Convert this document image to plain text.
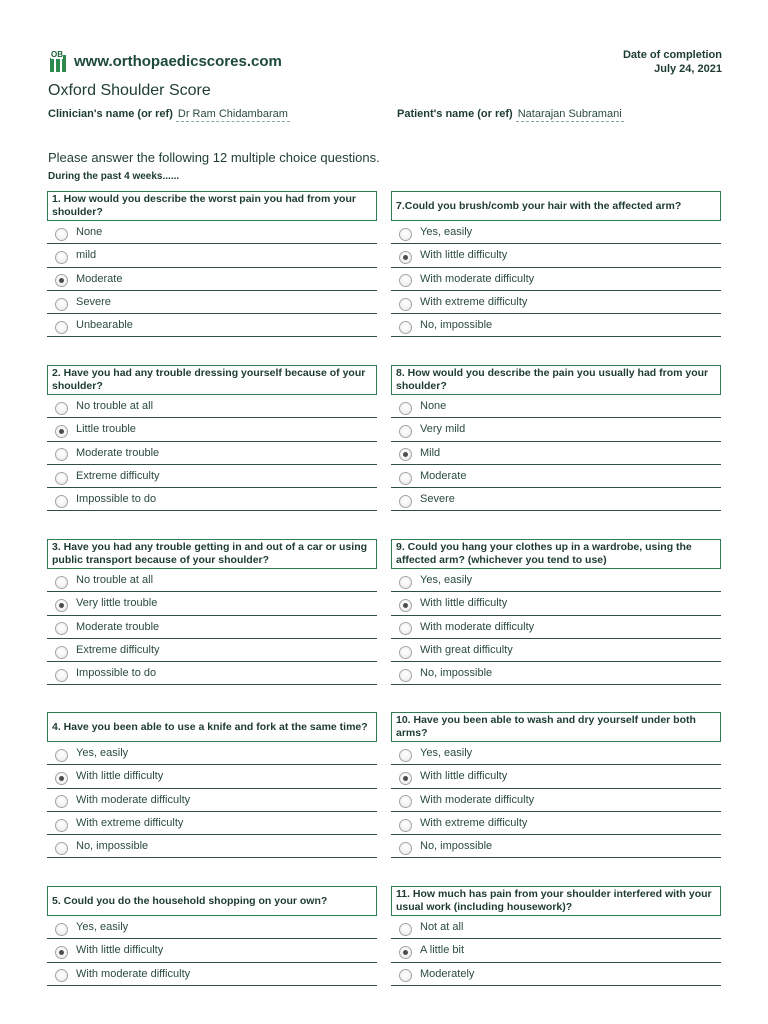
OB www.orthopaedicscores.com	Date of completion
July 24, 2021
Oxford Shoulder Score
Clinician's name (or ref) Dr Ram Chidambaram	Patient's name (or ref) Natarajan Subramani
Please answer the following 12 multiple choice questions.
During the past 4 weeks......
1. How would you describe the worst pain you had from your shoulder?
None
mild
Moderate
Severe
Unbearable
7.Could you brush/comb your hair with the affected arm?
Yes, easily
With little difficulty
With moderate difficulty
With extreme difficulty
No, impossible
2. Have you had any trouble dressing yourself because of your shoulder?
No trouble at all
Little trouble
Moderate trouble
Extreme difficulty
Impossible to do
8. How would you describe the pain you usually had from your shoulder?
None
Very mild
Mild
Moderate
Severe
3. Have you had any trouble getting in and out of a car or using public transport because of your shoulder?
No trouble at all
Very little trouble
Moderate trouble
Extreme difficulty
Impossible to do
9. Could you hang your clothes up in a wardrobe, using the affected arm? (whichever you tend to use)
Yes, easily
With little difficulty
With moderate difficulty
With great difficulty
No, impossible
4. Have you been able to use a knife and fork at the same time?
Yes, easily
With little difficulty
With moderate difficulty
With extreme difficulty
No, impossible
10. Have you been able to wash and dry yourself under both arms?
Yes, easily
With little difficulty
With moderate difficulty
With extreme difficulty
No, impossible
5. Could you do the household shopping on your own?
Yes, easily
With little difficulty
With moderate difficulty
11. How much has pain from your shoulder interfered with your usual work (including housework)?
Not at all
A little bit
Moderately
